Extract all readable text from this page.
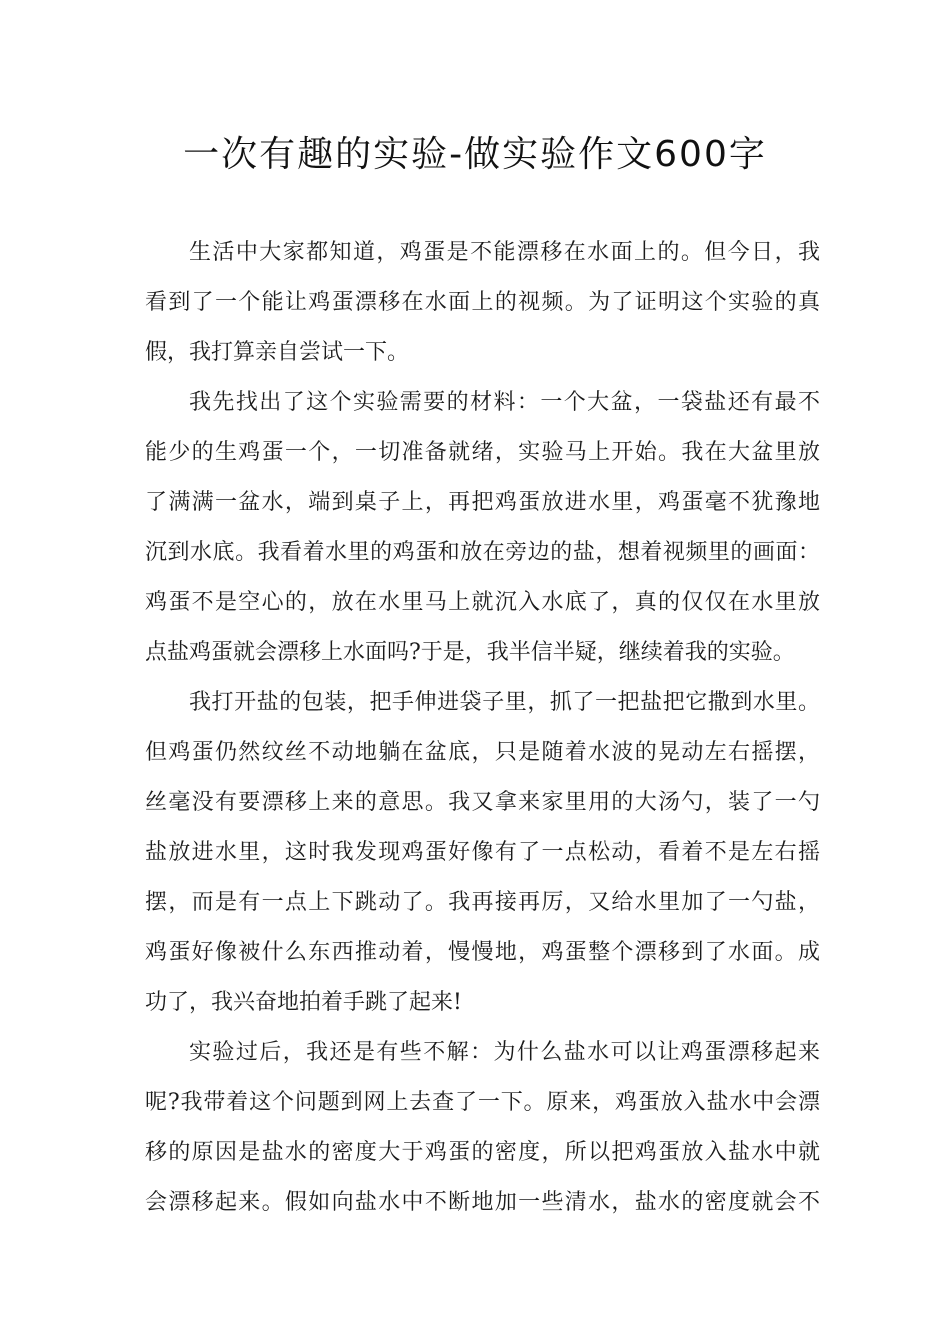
一次有趣的实验-做实验作文600字
生活中大家都知道，鸡蛋是不能漂移在水面上的。但今日，我
看到了一个能让鸡蛋漂移在水面上的视频。为了证明这个实验的真
假，我打算亲自尝试一下。
我先找出了这个实验需要的材料：一个大盆，一袋盐还有最不
能少的生鸡蛋一个，一切准备就绪，实验马上开始。我在大盆里放
了满满一盆水，端到桌子上，再把鸡蛋放进水里，鸡蛋毫不犹豫地
沉到水底。我看着水里的鸡蛋和放在旁边的盐，想着视频里的画面：
鸡蛋不是空心的，放在水里马上就沉入水底了，真的仅仅在水里放
点盐鸡蛋就会漂移上水面吗?于是，我半信半疑，继续着我的实验。
我打开盐的包装，把手伸进袋子里，抓了一把盐把它撒到水里。
但鸡蛋仍然纹丝不动地躺在盆底，只是随着水波的晃动左右摇摆，
丝毫没有要漂移上来的意思。我又拿来家里用的大汤勺，装了一勺
盐放进水里，这时我发现鸡蛋好像有了一点松动，看着不是左右摇
摆，而是有一点上下跳动了。我再接再厉，又给水里加了一勺盐，
鸡蛋好像被什么东西推动着，慢慢地，鸡蛋整个漂移到了水面。成
功了，我兴奋地拍着手跳了起来!
实验过后，我还是有些不解：为什么盐水可以让鸡蛋漂移起来
呢?我带着这个问题到网上去查了一下。原来，鸡蛋放入盐水中会漂
移的原因是盐水的密度大于鸡蛋的密度，所以把鸡蛋放入盐水中就
会漂移起来。假如向盐水中不断地加一些清水，盐水的密度就会不
